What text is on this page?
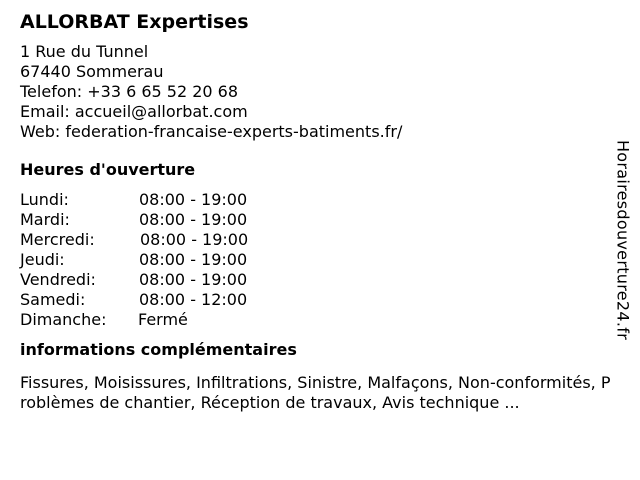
ALLORBAT Expertises
1 Rue du Tunnel
67440 Sommerau
Telefon: +33 6 65 52 20 68
Email: accueil@allorbat.com
Web: federation-francaise-experts-batiments.fr/
Heures d'ouverture
Lundi:	08:00 - 19:00
Mardi:	08:00 - 19:00
Mercredi:	08:00 - 19:00
Jeudi:	08:00 - 19:00
Vendredi:	08:00 - 19:00
Samedi:	08:00 - 12:00
Dimanche: Fermé
informations complémentaires
Fissures, Moisissures, Infiltrations, Sinistre, Malfaçons, Non-conformités, Problèmes de chantier, Réception de travaux, Avis technique ...
Horairesdouverture24.fr
